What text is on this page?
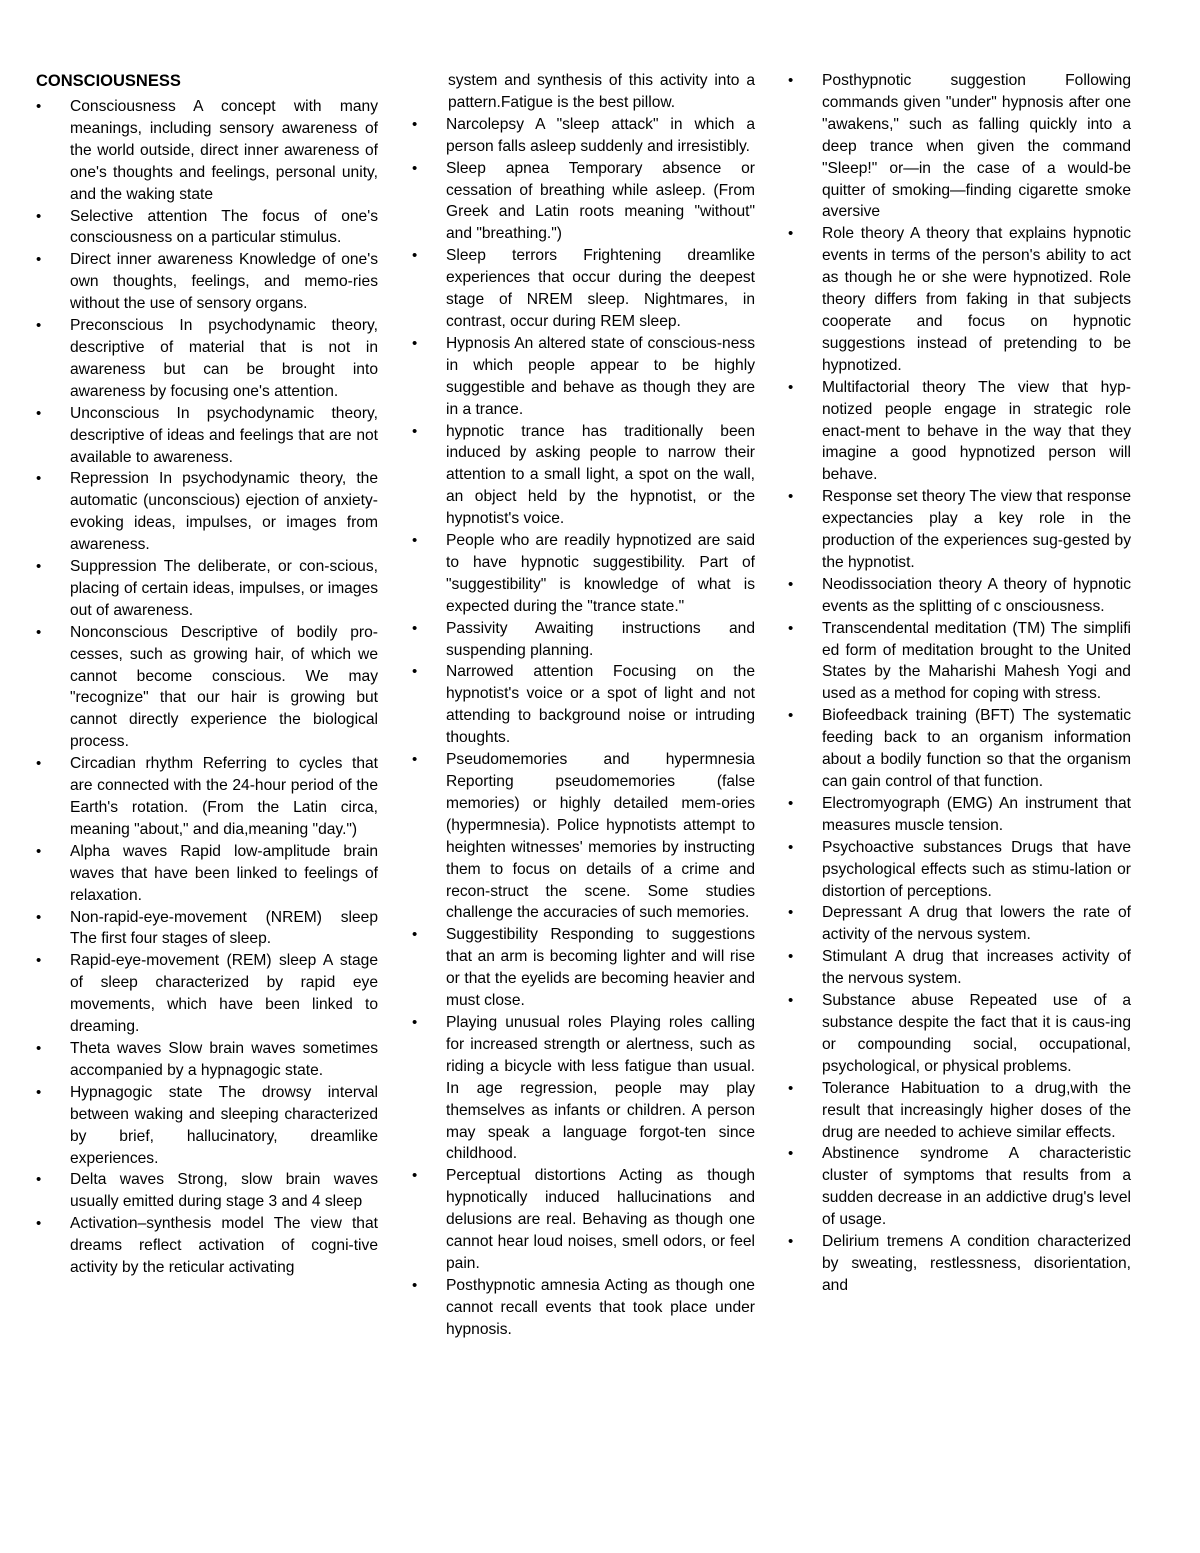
CONSCIOUSNESS
• Consciousness A concept with many meanings, including sensory awareness of the world outside, direct inner awareness of one's thoughts and feelings, personal unity, and the waking state
• Selective attention The focus of one's consciousness on a particular stimulus.
• Direct inner awareness Knowledge of one's own thoughts, feelings, and memo-ries without the use of sensory organs.
• Preconscious In psychodynamic theory, descriptive of material that is not in awareness but can be brought into awareness by focusing one's attention.
• Unconscious In psychodynamic theory, descriptive of ideas and feelings that are not available to awareness.
• Repression In psychodynamic theory, the automatic (unconscious) ejection of anxiety-evoking ideas, impulses, or images from awareness.
• Suppression The deliberate, or con-scious, placing of certain ideas, impulses, or images out of awareness.
• Nonconscious Descriptive of bodily pro-cesses, such as growing hair, of which we cannot become conscious. We may "recognize" that our hair is growing but cannot directly experience the biological process.
• Circadian rhythm Referring to cycles that are connected with the 24-hour period of the Earth's rotation. (From the Latin circa, meaning "about," and dia,meaning "day.")
• Alpha waves Rapid low-amplitude brain waves that have been linked to feelings of relaxation.
• Non-rapid-eye-movement (NREM) sleep The first four stages of sleep.
• Rapid-eye-movement (REM) sleep A stage of sleep characterized by rapid eye movements, which have been linked to dreaming.
• Theta waves Slow brain waves sometimes accompanied by a hypnagogic state.
• Hypnagogic state The drowsy interval between waking and sleeping characterized by brief, hallucinatory, dreamlike experiences.
• Delta waves Strong, slow brain waves usually emitted during stage 3 and 4 sleep
• Activation–synthesis model The view that dreams reflect activation of cogni-tive activity by the reticular activating

system and synthesis of this activity into a pattern.Fatigue is the best pillow.

• Narcolepsy A "sleep attack" in which a person falls asleep suddenly and irresistibly.
• Sleep apnea Temporary absence or cessation of breathing while asleep. (From Greek and Latin roots meaning "without" and "breathing.")
• Sleep terrors Frightening dreamlike experiences that occur during the deepest stage of NREM sleep. Nightmares, in contrast, occur during REM sleep.
• Hypnosis An altered state of conscious-ness in which people appear to be highly suggestible and behave as though they are in a trance.
• hypnotic trance has traditionally been induced by asking people to narrow their attention to a small light, a spot on the wall, an object held by the hypnotist, or the hypnotist's voice.
• People who are readily hypnotized are said to have hypnotic suggestibility. Part of "suggestibility" is knowledge of what is expected during the "trance state."
• Passivity Awaiting instructions and suspending planning.
• Narrowed attention Focusing on the hypnotist's voice or a spot of light and not attending to background noise or intruding thoughts.
• Pseudomemories and hypermnesia Reporting pseudomemories (false memories) or highly detailed mem-ories (hypermnesia). Police hypnotists attempt to heighten witnesses' memories by instructing them to focus on details of a crime and recon-struct the scene. Some studies challenge the accuracies of such memories.
• Suggestibility Responding to suggestions that an arm is becoming lighter and will rise or that the eyelids are becoming heavier and must close.
• Playing unusual roles Playing roles calling for increased strength or alertness, such as riding a bicycle with less fatigue than usual. In age regression, people may play themselves as infants or children. A person may speak a language forgot-ten since childhood.
• Perceptual distortions Acting as though hypnotically induced hallucinations and delusions are real. Behaving as though one cannot hear loud noises, smell odors, or feel pain.
• Posthypnotic amnesia Acting as though one cannot recall events that took place under hypnosis.
• Posthypnotic suggestion Following commands given "under" hypnosis after one "awakens," such as falling quickly into a deep trance when given the command "Sleep!" or—in the case of a would-be quitter of smoking—finding cigarette smoke aversive
• Role theory A theory that explains hypnotic events in terms of the person's ability to act as though he or she were hypnotized. Role theory differs from faking in that subjects cooperate and focus on hypnotic suggestions instead of pretending to be hypnotized.
• Multifactorial theory The view that hyp-notized people engage in strategic role enact-ment to behave in the way that they imagine a good hypnotized person will behave.
• Response set theory The view that response expectancies play a key role in the production of the experiences sug-gested by the hypnotist.
• Neodissociation theory A theory of hypnotic events as the splitting of c onsciousness.
• Transcendental meditation (TM) The simplifi ed form of meditation brought to the United States by the Maharishi Mahesh Yogi and used as a method for coping with stress.
• Biofeedback training (BFT) The systematic feeding back to an organism information about a bodily function so that the organism can gain control of that function.
• Electromyograph (EMG) An instrument that measures muscle tension.
• Psychoactive substances Drugs that have psychological effects such as stimu-lation or distortion of perceptions.
• Depressant A drug that lowers the rate of activity of the nervous system.
• Stimulant A drug that increases activity of the nervous system.
• Substance abuse Repeated use of a substance despite the fact that it is caus-ing or compounding social, occupational, psychological, or physical problems.
• Tolerance Habituation to a drug,with the result that increasingly higher doses of the drug are needed to achieve similar effects.
• Abstinence syndrome A characteristic cluster of symptoms that results from a sudden decrease in an addictive drug's level of usage.
• Delirium tremens A condition characterized by sweating, restlessness, disorientation, and
